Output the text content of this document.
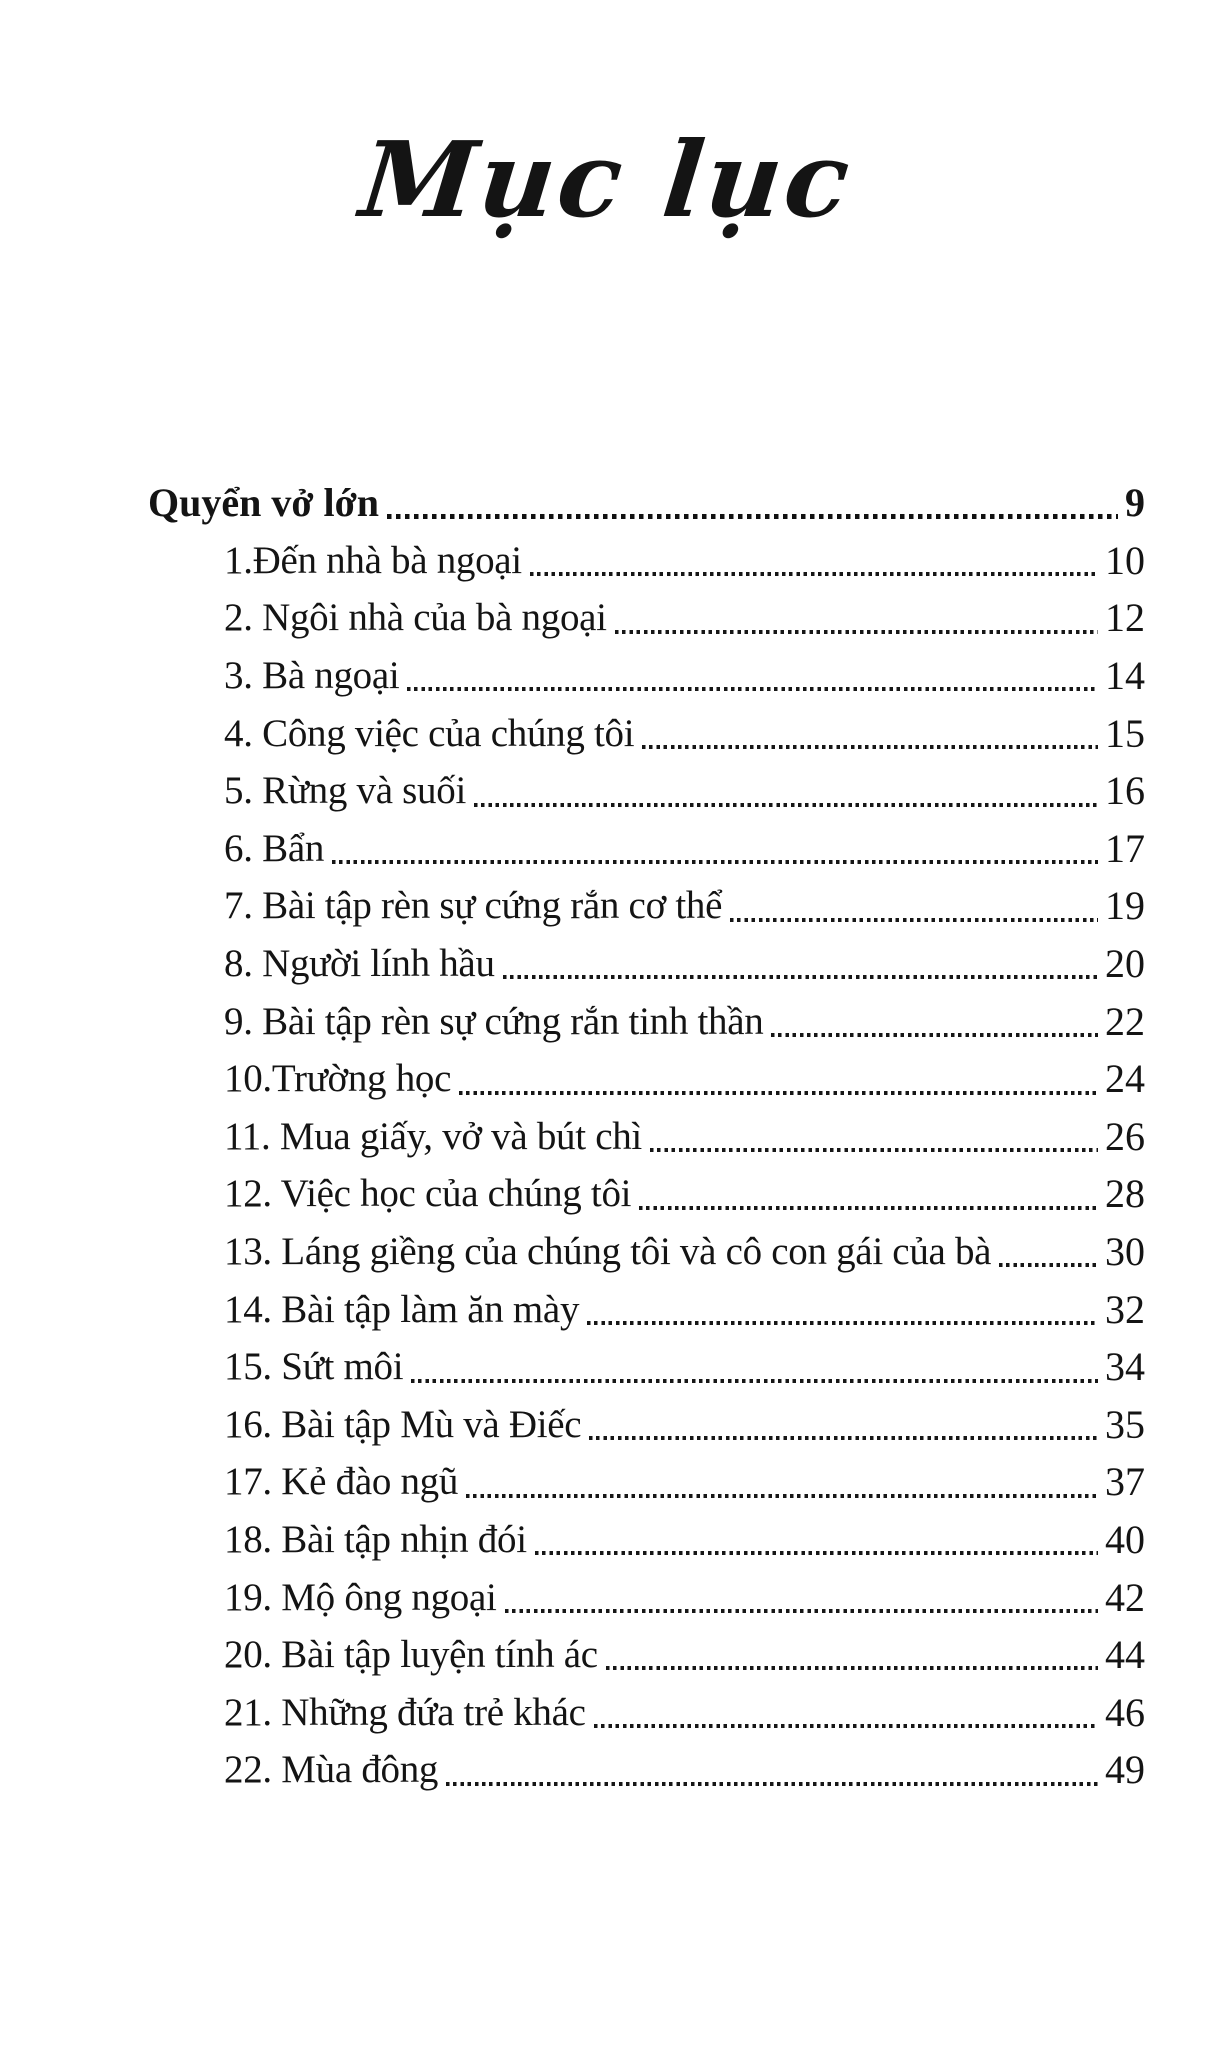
Mục lục
Quyển vở lớn	9
1.Đến nhà bà ngoại	10
2. Ngôi nhà của bà ngoại	12
3. Bà ngoại	14
4. Công việc của chúng tôi	15
5. Rừng và suối	16
6. Bẩn	17
7. Bài tập rèn sự cứng rắn cơ thể	19
8. Người lính hầu	20
9. Bài tập rèn sự cứng rắn tinh thần	22
10.Trường học	24
11. Mua giấy, vở và bút chì	26
12. Việc học của chúng tôi	28
13. Láng giềng của chúng tôi và cô con gái của bà	30
14. Bài tập làm ăn mày	32
15. Sứt môi	34
16. Bài tập Mù và Điếc	35
17. Kẻ đào ngũ	37
18. Bài tập nhịn đói	40
19. Mộ ông ngoại	42
20. Bài tập luyện tính ác	44
21. Những đứa trẻ khác	46
22. Mùa đông	49
